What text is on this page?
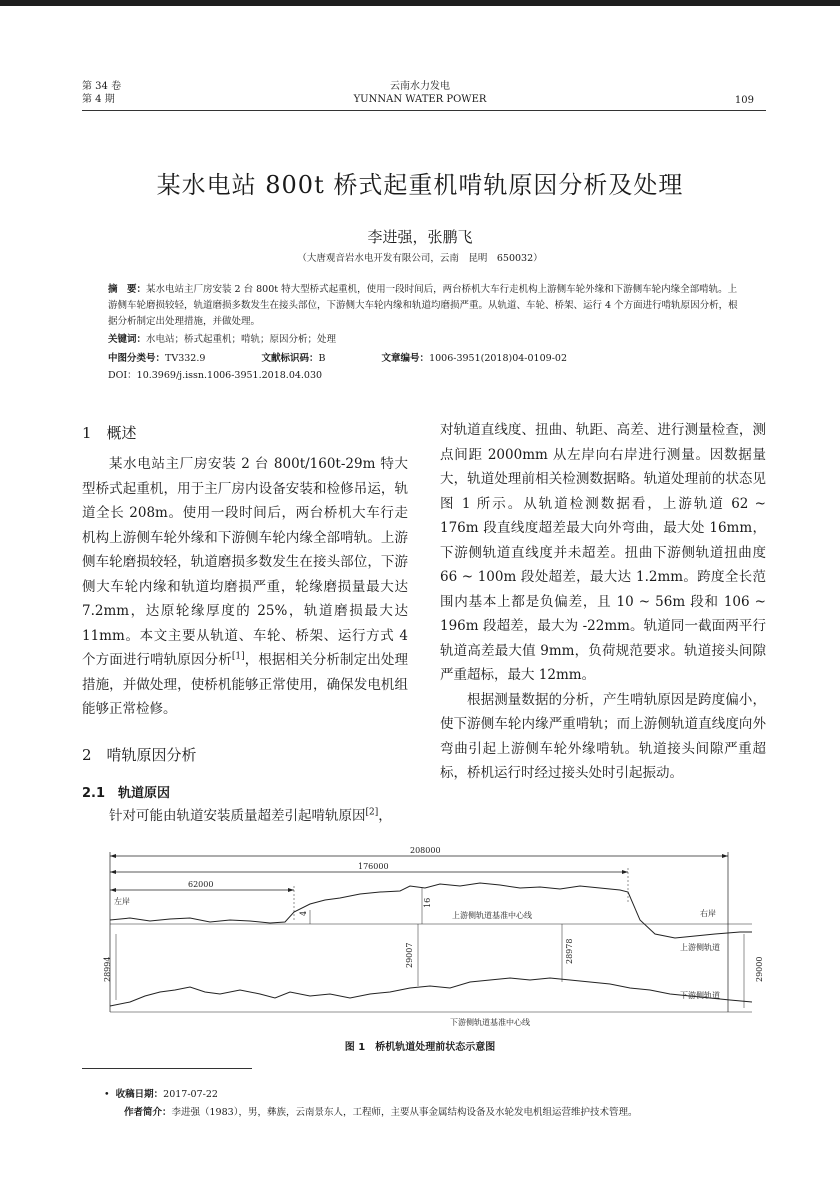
第 34 卷
第 4 期
云南水力发电
YUNNAN WATER POWER	109
某水电站 800t 桥式起重机啃轨原因分析及处理
李进强，张鹏飞
（大唐观音岩水电开发有限公司，云南　昆明　650032）
摘　要：某水电站主厂房安装 2 台 800t 特大型桥式起重机，使用一段时间后，两台桥机大车行走机构上游侧车轮外缘和下游侧车轮内缘全部啃轨。上游侧车轮磨损较轻，轨道磨损多数发生在接头部位，下游侧大车轮内缘和轨道均磨损严重。从轨道、车轮、桥架、运行 4 个方面进行啃轨原因分析，根据分析制定出处理措施，并做处理。
关键词：水电站；桥式起重机；啃轨；原因分析；处理
中图分类号：TV332.9	文献标识码：B	文章编号：1006-3951(2018)04-0109-02
DOI：10.3969/j.issn.1006-3951.2018.04.030
1　概述
某水电站主厂房安装 2 台 800t/160t-29m 特大型桥式起重机，用于主厂房内设备安装和检修吊运，轨道全长 208m。使用一段时间后，两台桥机大车行走机构上游侧车轮外缘和下游侧车轮内缘全部啃轨。上游侧车轮磨损较轻，轨道磨损多数发生在接头部位，下游侧大车轮内缘和轨道均磨损严重，轮缘磨损量最大达 7.2mm，达原轮缘厚度的 25%，轨道磨损最大达 11mm。本文主要从轨道、车轮、桥架、运行方式 4 个方面进行啃轨原因分析[1]，根据相关分析制定出处理措施，并做处理，使桥机能够正常使用，确保发电机组能够正常检修。
2　啃轨原因分析
2.1　轨道原因
针对可能由轨道安装质量超差引起啃轨原因[2]，
对轨道直线度、扭曲、轨距、高差、进行测量检查，测点间距 2000mm 从左岸向右岸进行测量。因数据量大，轨道处理前相关检测数据略。轨道处理前的状态见图 1 所示。从轨道检测数据看，上游轨道 62 ~ 176m 段直线度超差最大向外弯曲，最大处 16mm，下游侧轨道直线度并未超差。扭曲下游侧轨道扭曲度 66 ~ 100m 段处超差，最大达 1.2mm。跨度全长范围内基本上都是负偏差，且 10 ~ 56m 段和 106 ~ 196m 段超差，最大为 -22mm。轨道同一截面两平行轨道高差最大值 9mm，负荷规范要求。轨道接头间隙严重超标，最大 12mm。
根据测量数据的分析，产生啃轨原因是跨度偏小，使下游侧车轮内缘严重啃轨；而上游侧轨道直线度向外弯曲引起上游侧车轮外缘啃轨。轨道接头间隙严重超标，桥机运行时经过接头处时引起振动。
208000
176000
62000
左岸
右岸
上游侧轨道基准中心线
4
16
上游侧轨道
28994
29007	28978
29000
下游侧轨道
下游侧轨道基准中心线
图 1　桥机轨道处理前状态示意图
• 收稿日期：2017-07-22
作者简介：李进强（1983），男，彝族，云南景东人，工程师，主要从事金属结构设备及水轮发电机组运营维护技术管理。
